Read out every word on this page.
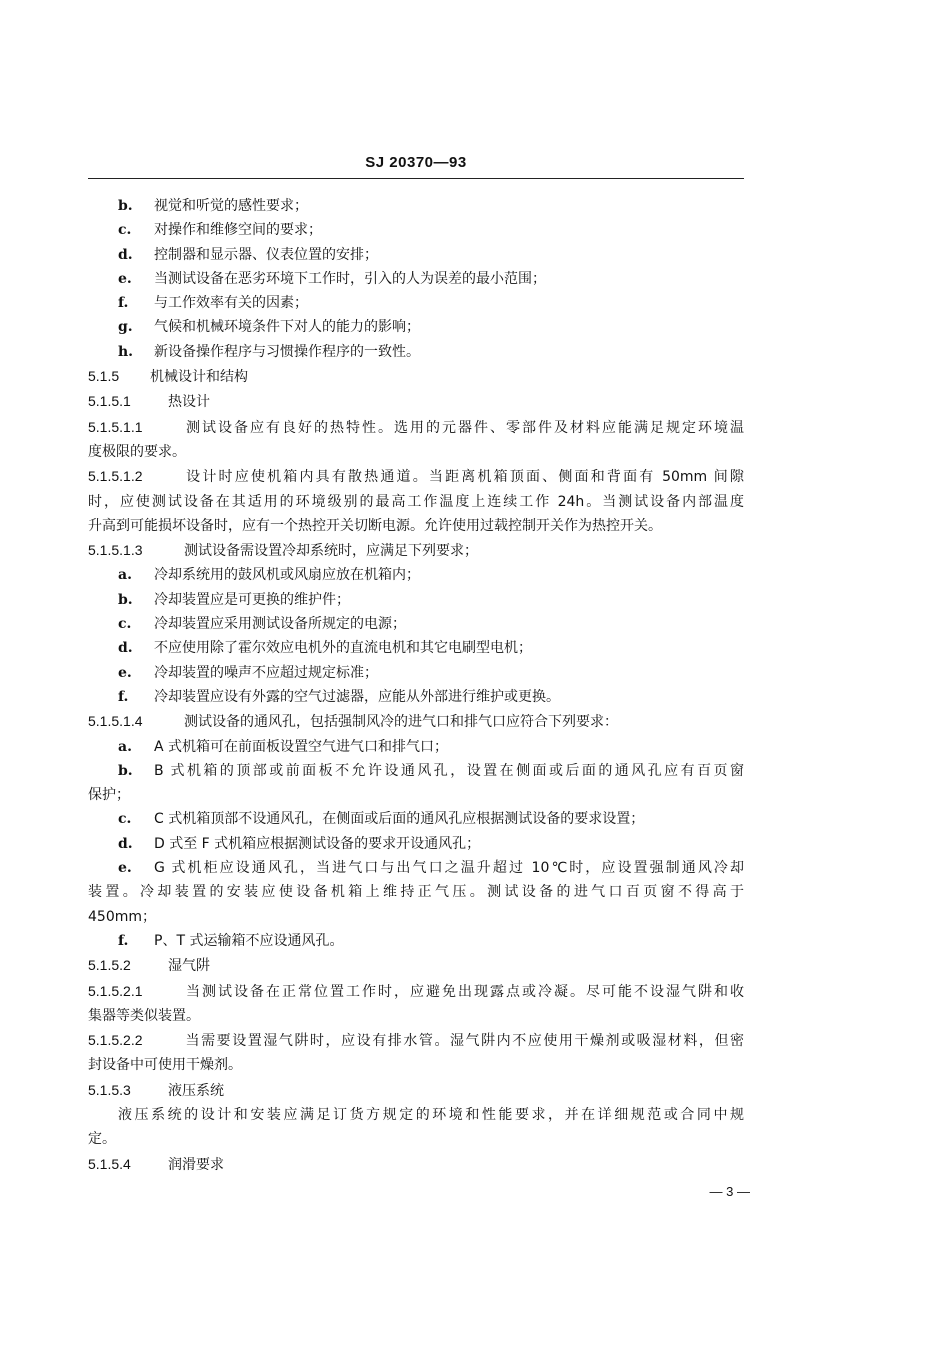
SJ 20370—93
b. 视觉和听觉的感性要求；
c. 对操作和维修空间的要求；
d. 控制器和显示器、仪表位置的安排；
e. 当测试设备在恶劣环境下工作时，引入的人为误差的最小范围；
f. 与工作效率有关的因素；
g. 气候和机械环境条件下对人的能力的影响；
h. 新设备操作程序与习惯操作程序的一致性。
5.1.5 机械设计和结构
5.1.5.1	热设计
5.1.5.1.1	测试设备应有良好的热特性。选用的元器件、零部件及材料应能满足规定环境温
度极限的要求。
5.1.5.1.2	设计时应使机箱内具有散热通道。当距离机箱顶面、侧面和背面有 50mm 间隙
时，应使测试设备在其适用的环境级别的最高工作温度上连续工作 24h。当测试设备内部温度
升高到可能损坏设备时，应有一个热控开关切断电源。允许使用过载控制开关作为热控开关。
5.1.5.1.3	测试设备需设置冷却系统时，应满足下列要求；
a. 冷却系统用的鼓风机或风扇应放在机箱内；
b. 冷却装置应是可更换的维护件；
c. 冷却装置应采用测试设备所规定的电源；
d. 不应使用除了霍尔效应电机外的直流电机和其它电刷型电机；
e. 冷却装置的噪声不应超过规定标准；
f. 冷却装置应设有外露的空气过滤器，应能从外部进行维护或更换。
5.1.5.1.4	测试设备的通风孔，包括强制风冷的进气口和排气口应符合下列要求：
a. A 式机箱可在前面板设置空气进气口和排气口；
b. B 式机箱的顶部或前面板不允许设通风孔，设置在侧面或后面的通风孔应有百页窗
保护；
c. C 式机箱顶部不设通风孔，在侧面或后面的通风孔应根据测试设备的要求设置；
d. D 式至 F 式机箱应根据测试设备的要求开设通风孔；
e. G 式机柜应设通风孔，当进气口与出气口之温升超过 10℃时，应设置强制通风冷却
装置。冷却装置的安装应使设备机箱上维持正气压。测试设备的进气口百页窗不得高于
450mm；
f. P、T 式运输箱不应设通风孔。
5.1.5.2	湿气阱
5.1.5.2.1	当测试设备在正常位置工作时，应避免出现露点或冷凝。尽可能不设湿气阱和收
集器等类似装置。
5.1.5.2.2	当需要设置湿气阱时，应设有排水管。湿气阱内不应使用干燥剂或吸湿材料，但密
封设备中可使用干燥剂。
5.1.5.3	液压系统
液压系统的设计和安装应满足订货方规定的环境和性能要求，并在详细规范或合同中规
定。
5.1.5.4	润滑要求
— 3 —
